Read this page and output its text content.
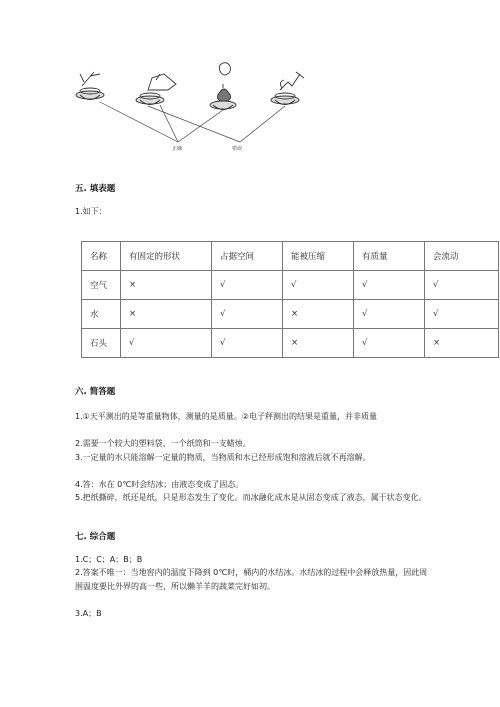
正确	错误
五. 填表题
1.如下：
名称	有固定的形状	占据空间	能被压缩	有质量	会流动
空气	×	√	√	√	√
水	×	√	×	√	√
石头	√	√	×	√	×
六. 简答题
1.①天平测出的是等重量物体，测量的是质量。②电子秤测出的结果是重量，并非质量
2.需要一个较大的塑料袋、一个纸筒和一支蜡烛。
3.一定量的水只能溶解一定量的物质，当物质和水已经形成饱和溶液后就不再溶解。
4.答：水在 0℃时会结冰；由液态变成了固态。
5.把纸撕碎，纸还是纸，只是形态发生了变化。而冰融化成水是从固态变成了液态，属于状态变化。
七. 综合题
1.C；C；A；B；B
2.答案不唯一：当地窖内的温度下降到 0℃时，桶内的水结冰。水结冰的过程中会释放热量，因此周围温度要比外界的高一些，所以懒羊羊的蔬菜完好如初。
3.A；B
